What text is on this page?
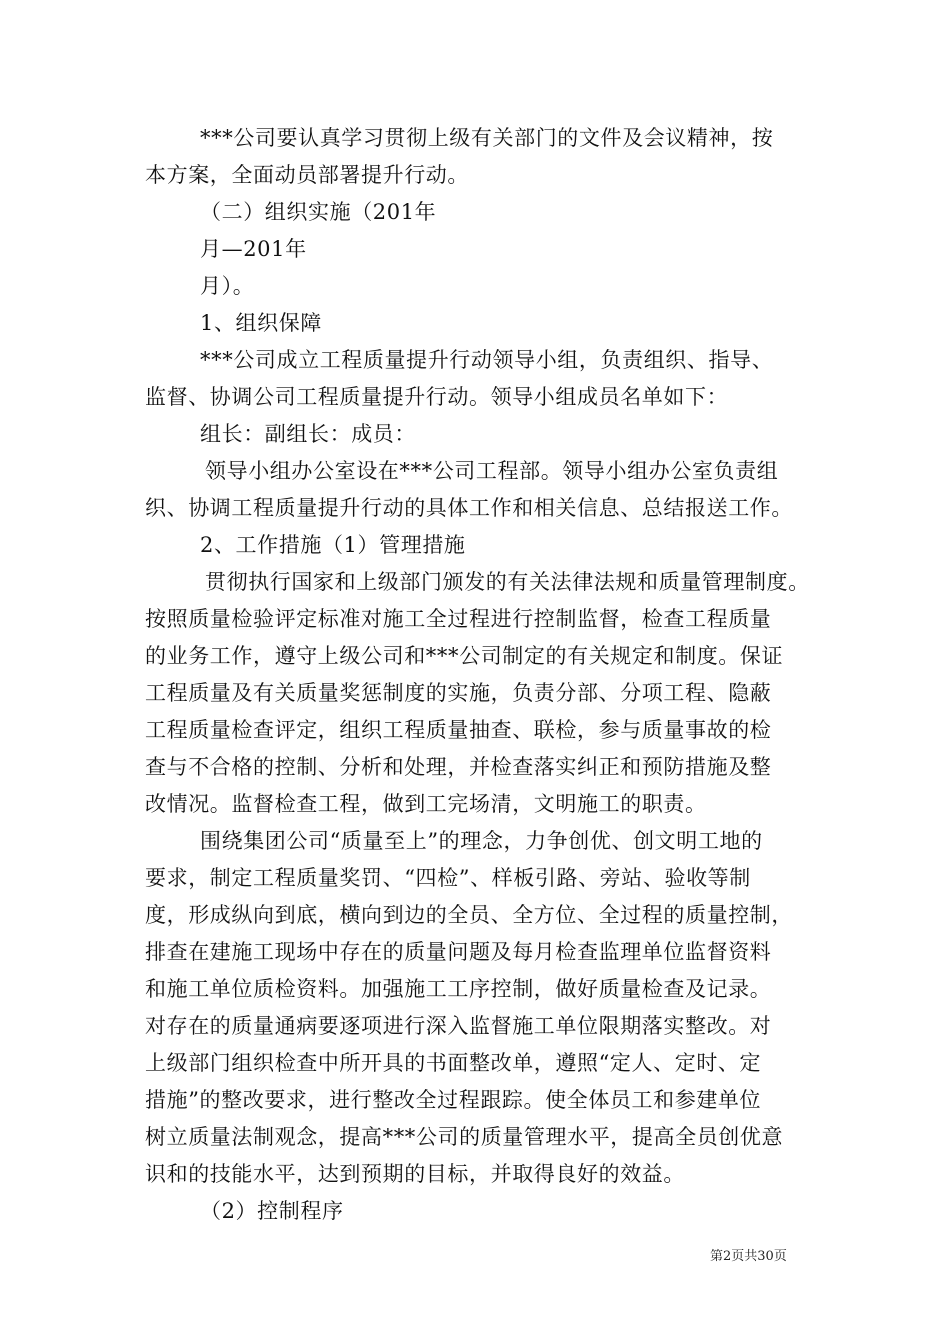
***公司要认真学习贯彻上级有关部门的文件及会议精神，按
本方案，全面动员部署提升行动。
（二）组织实施（201年
月—201年
月）。
1、组织保障
***公司成立工程质量提升行动领导小组，负责组织、指导、
监督、协调公司工程质量提升行动。领导小组成员名单如下：
组长：副组长：成员：
领导小组办公室设在***公司工程部。领导小组办公室负责组
织、协调工程质量提升行动的具体工作和相关信息、总结报送工作。
2、工作措施（1）管理措施
贯彻执行国家和上级部门颁发的有关法律法规和质量管理制度。
按照质量检验评定标准对施工全过程进行控制监督，检查工程质量
的业务工作，遵守上级公司和***公司制定的有关规定和制度。保证
工程质量及有关质量奖惩制度的实施，负责分部、分项工程、隐蔽
工程质量检查评定，组织工程质量抽查、联检，参与质量事故的检
查与不合格的控制、分析和处理，并检查落实纠正和预防措施及整
改情况。监督检查工程，做到工完场清，文明施工的职责。
围绕集团公司“质量至上”的理念，力争创优、创文明工地的
要求，制定工程质量奖罚、“四检”、样板引路、旁站、验收等制
度，形成纵向到底，横向到边的全员、全方位、全过程的质量控制，
排查在建施工现场中存在的质量问题及每月检查监理单位监督资料
和施工单位质检资料。加强施工工序控制，做好质量检查及记录。
对存在的质量通病要逐项进行深入监督施工单位限期落实整改。对
上级部门组织检查中所开具的书面整改单，遵照“定人、定时、定
措施”的整改要求，进行整改全过程跟踪。使全体员工和参建单位
树立质量法制观念，提高***公司的质量管理水平，提高全员创优意
识和的技能水平，达到预期的目标，并取得良好的效益。
（2）控制程序
第2页共30页
